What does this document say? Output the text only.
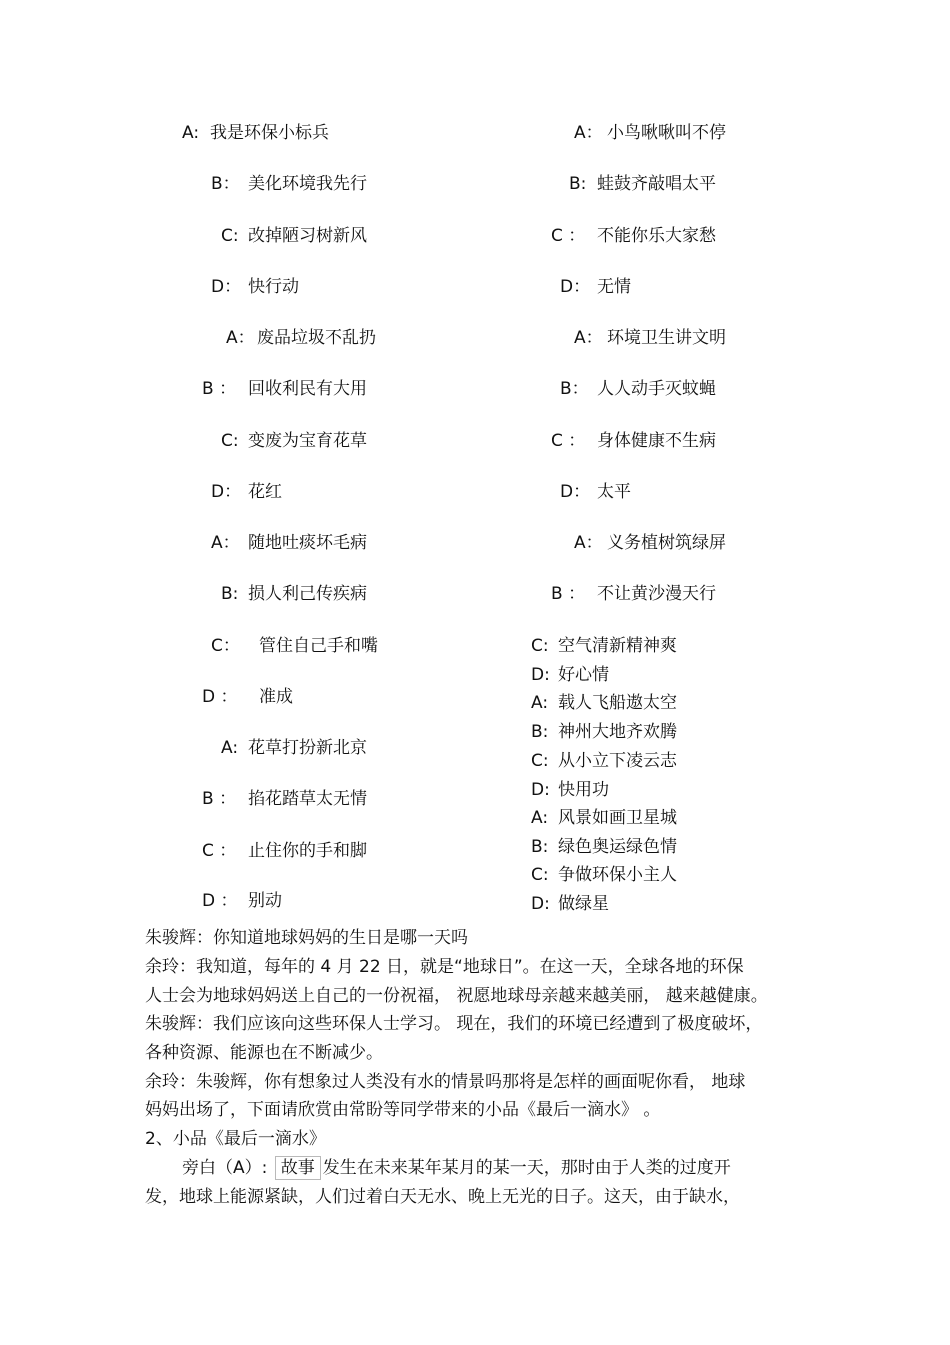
A: 我是环保小标兵
B： 美化环境我先行
C: 改掉陋习树新风
D： 快行动
A： 废品垃圾不乱扔
B ： 回收利民有大用
C: 变废为宝育花草
D： 花红
A： 随地吐痰坏毛病
B: 损人利己传疾病
C： 管住自己手和嘴
D ： 准成
A: 花草打扮新北京
B ： 掐花踏草太无情
C ： 止住你的手和脚
D ： 别动
A： 小鸟啾啾叫不停
B: 蛙鼓齐敲唱太平
C ： 不能你乐大家愁
D： 无情
A： 环境卫生讲文明
B： 人人动手灭蚊蝇
C ： 身体健康不生病
D： 太平
A： 义务植树筑绿屏
B ： 不让黄沙漫天行
C: 空气清新精神爽
D: 好心情
A: 载人飞船遨太空
B: 神州大地齐欢腾
C: 从小立下凌云志
D: 快用功
A: 风景如画卫星城
B: 绿色奥运绿色情
C: 争做环保小主人
D: 做绿星
朱骏辉：你知道地球妈妈的生日是哪一天吗
余玲：我知道，每年的 4 月 22 日，就是“地球日”。在这一天，全球各地的环保
人士会为地球妈妈送上自己的一份祝福， 祝愿地球母亲越来越美丽， 越来越健康。
朱骏辉：我们应该向这些环保人士学习。 现在，我们的环境已经遭到了极度破坏，
各种资源、能源也在不断减少。
余玲：朱骏辉，你有想象过人类没有水的情景吗那将是怎样的画面呢你看， 地球
妈妈出场了，下面请欣赏由常盼等同学带来的小品《最后一滴水》 。
2、小品《最后一滴水》
旁白（A）: 故事 发生在未来某年某月的某一天，那时由于人类的过度开
发，地球上能源紧缺，人们过着白天无水、晚上无光的日子。这天，由于缺水，
